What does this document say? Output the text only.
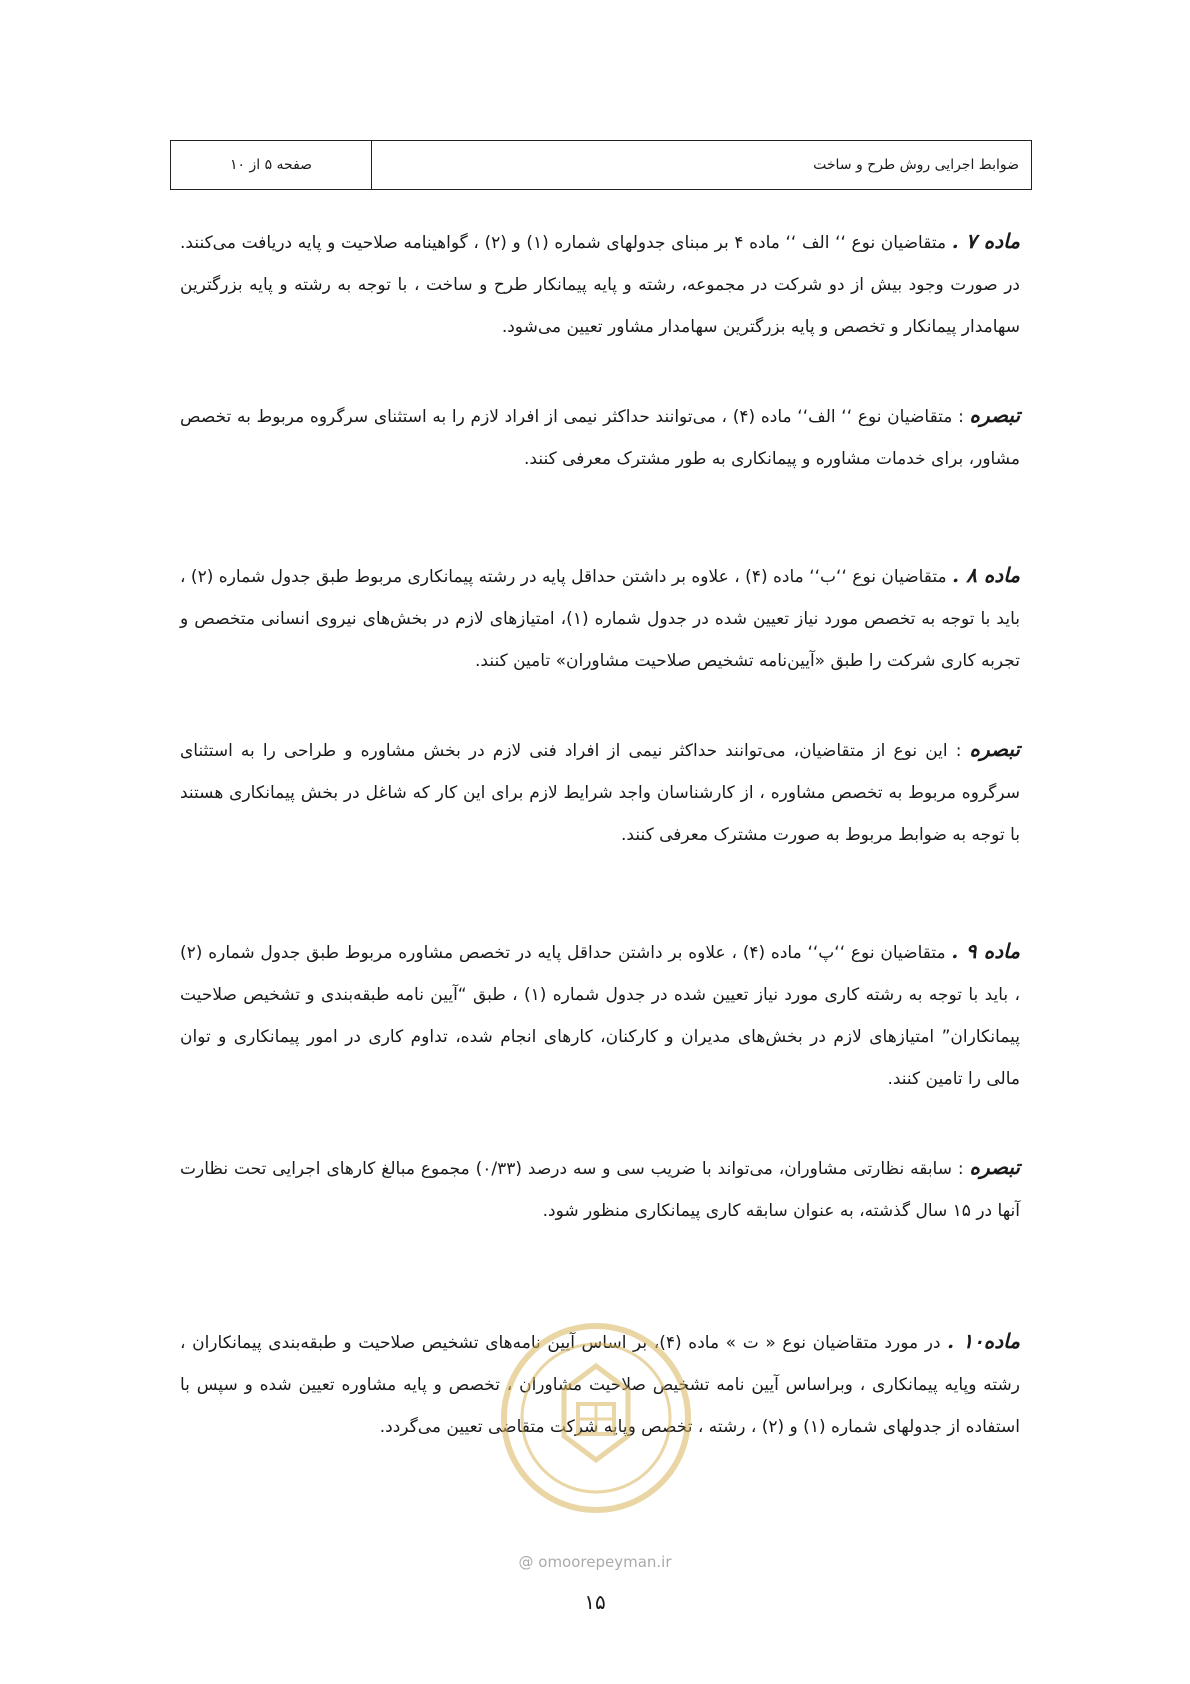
ضوابط اجرایی روش طرح و ساخت
صفحه ۵ از ۱۰
ماده ۷ . متقاضیان نوع ‘‘ الف ‘‘ ماده ۴ بر مبنای جدولهای شماره (۱) و (۲) ، گواهینامه صلاحیت و پایه دریافت می‌کنند. در صورت وجود بیش از دو شرکت در مجموعه، رشته و پایه پیمانکار طرح و ساخت ، با توجه به رشته و پایه بزرگترین سهامدار پیمانکار و تخصص و پایه بزرگترین سهامدار مشاور تعیین می‌شود.
تبصره : متقاضیان نوع ‘‘ الف‘‘ ماده (۴) ، می‌توانند حداکثر نیمی از افراد لازم را به استثنای سرگروه مربوط به تخصص مشاور، برای خدمات مشاوره و پیمانکاری به طور مشترک معرفی کنند.
ماده ۸ . متقاضیان نوع ‘‘ب‘‘ ماده (۴) ، علاوه بر داشتن حداقل پایه در رشته پیمانکاری مربوط طبق جدول شماره (۲) ، باید با توجه به تخصص مورد نیاز تعیین شده در جدول شماره (۱)، امتیازهای لازم در بخش‌های نیروی انسانی متخصص و تجربه کاری شرکت را طبق «آیین‌نامه تشخیص صلاحیت مشاوران» تامین کنند.
تبصره : این نوع از متقاضیان، می‌توانند حداکثر نیمی از افراد فنی لازم در بخش مشاوره و طراحی را به استثنای سرگروه مربوط به تخصص مشاوره ، از کارشناسان واجد شرایط لازم برای این کار که شاغل در بخش پیمانکاری هستند با توجه به ضوابط مربوط به صورت مشترک معرفی کنند.
ماده ۹ . متقاضیان نوع ‘‘پ‘‘ ماده (۴) ، علاوه بر داشتن حداقل پایه در تخصص مشاوره مربوط طبق جدول شماره (۲) ، باید با توجه به رشته کاری مورد نیاز تعیین شده در جدول شماره (۱) ، طبق “آیین نامه طبقه‌بندی و تشخیص صلاحیت پیمانکاران” امتیازهای لازم در بخش‌های مدیران و کارکنان، کارهای انجام شده، تداوم کاری در امور پیمانکاری و توان مالی را تامین کنند.
تبصره : سابقه نظارتی مشاوران، می‌تواند با ضریب سی و سه درصد (۰/۳۳) مجموع مبالغ کارهای اجرایی تحت نظارت آنها در ۱۵ سال گذشته، به عنوان سابقه کاری پیمانکاری منظور شود.
ماده۱۰ . در مورد متقاضیان نوع « ت » ماده (۴)، بر اساس آیین نامه‌های تشخیص صلاحیت و طبقه‌بندی پیمانکاران ، رشته وپایه پیمانکاری ، وبراساس آیین نامه تشخیص صلاحیت مشاوران ، تخصص و پایه مشاوره تعیین شده و سپس با استفاده از جدولهای شماره (۱) و (۲) ، رشته ، تخصص وپایه شرکت متقاضی تعیین می‌گردد.
@ omoorepeyman.ir
۱۵
